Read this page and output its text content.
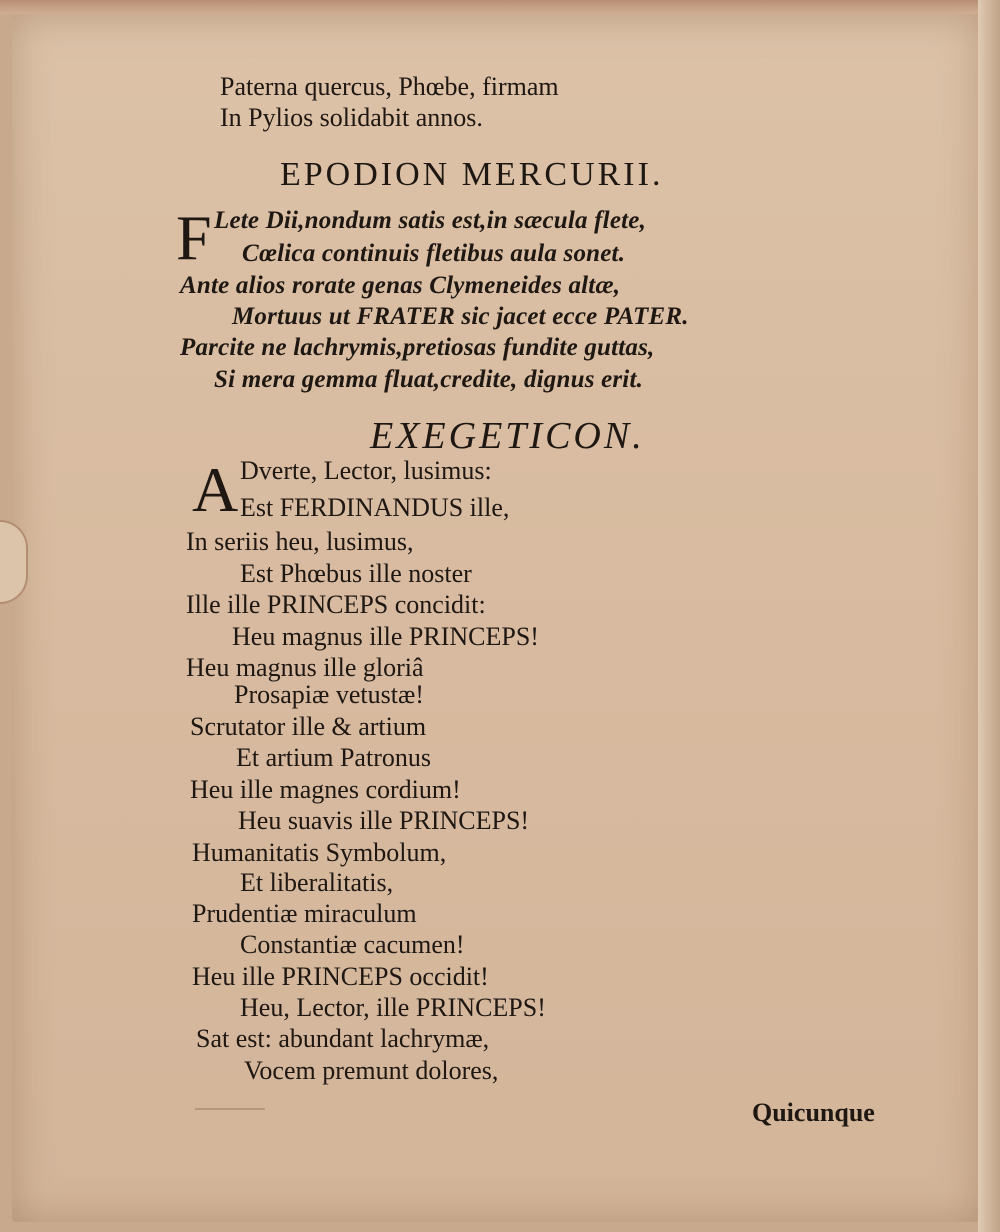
Paterna quercus, Phœbe, firmam
In Pylios solidabit annos.
EPODION MERCURII.
F Lete Dii,nondum satis est,in sæcula flete,
Cœlica continuis fletibus aula sonet.
Ante alios rorate genas Clymeneides altæ,
Mortuus ut FRATER sic jacet ecce PATER.
Parcite ne lachrymis,pretiosas fundite guttas,
Si mera gemma fluat,credite, dignus erit.
EXEGETICON.
A Dverte, Lector, lusimus:
Est FERDINANDUS ille,
In seriis heu, lusimus,
Est Phœbus ille noster
Ille ille PRINCEPS concidit:
Heu magnus ille PRINCEPS!
Heu magnus ille gloriâ
Prosapiæ vetustæ!
Scrutator ille & artium
Et artium Patronus
Heu ille magnes cordium!
Heu suavis ille PRINCEPS!
Humanitatis Symbolum,
Et liberalitatis,
Prudentiæ miraculum
Constantiæ cacumen!
Heu ille PRINCEPS occidit!
Heu, Lector, ille PRINCEPS!
Sat est: abundant lachrymæ,
Vocem premunt dolores,
Quicunque
